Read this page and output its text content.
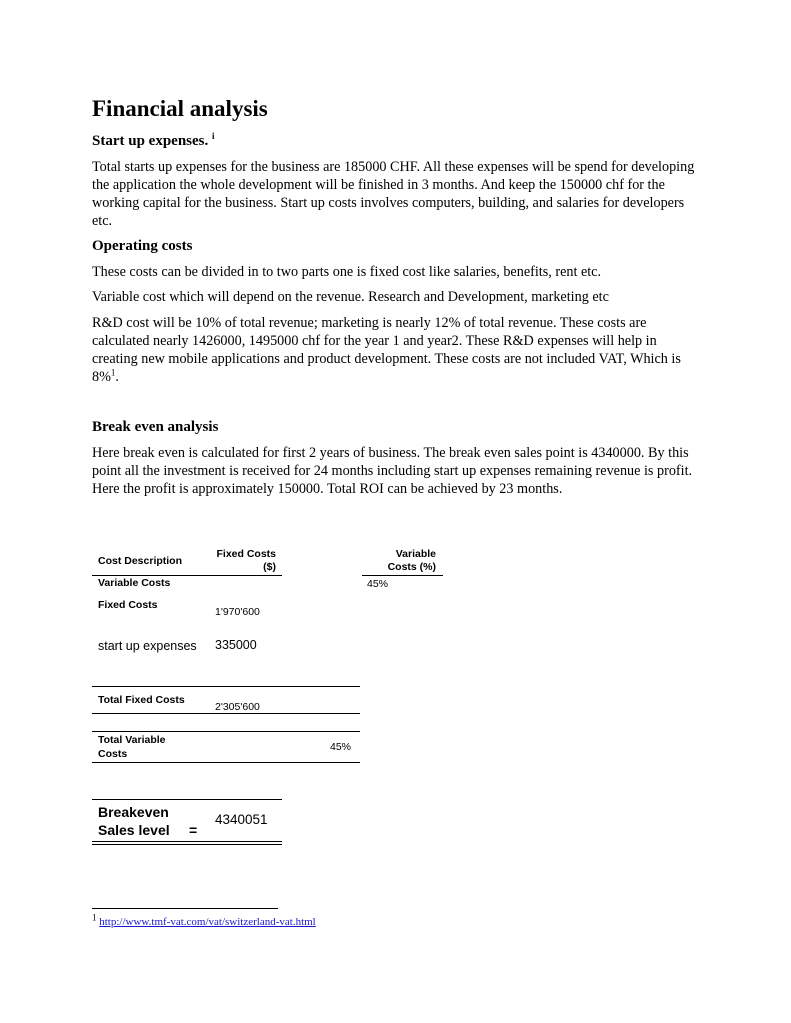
Financial analysis
Start up expenses. $^i$
Total starts up expenses for the business are 185000 CHF. All these expenses will be spend for developing the application the whole development will be finished in 3 months. And keep the 150000 chf for the working capital for the business. Start up costs involves computers, building, and salaries for developers etc.
Operating costs
These costs can be divided in to two parts one is fixed cost like salaries, benefits, rent etc.
Variable cost which will depend on the revenue. Research and Development, marketing etc
R&D cost will be 10% of total revenue; marketing is nearly 12% of total revenue. These costs are calculated nearly 1426000, 1495000 chf for the year 1 and year2. These R&D expenses will help in creating new mobile applications and product development. These costs are not included VAT, Which is 8%$^1$.
Break even analysis
Here break even is calculated for first 2 years of business. The break even sales point is 4340000. By this point all the investment is received for 24 months including start up expenses remaining revenue is profit. Here the profit is approximately 150000. Total ROI can be achieved by 23 months.
Cost Description
Fixed Costs ($)
Variable Costs (%)
Variable Costs	45%
Fixed Costs
1'970'600
start up expenses 335000
Total Fixed Costs
2'305'600
Total Variable Costs
45%
Breakeven Sales level	=
4340051
$^1$ http://www.tmf-vat.com/vat/switzerland-vat.html
